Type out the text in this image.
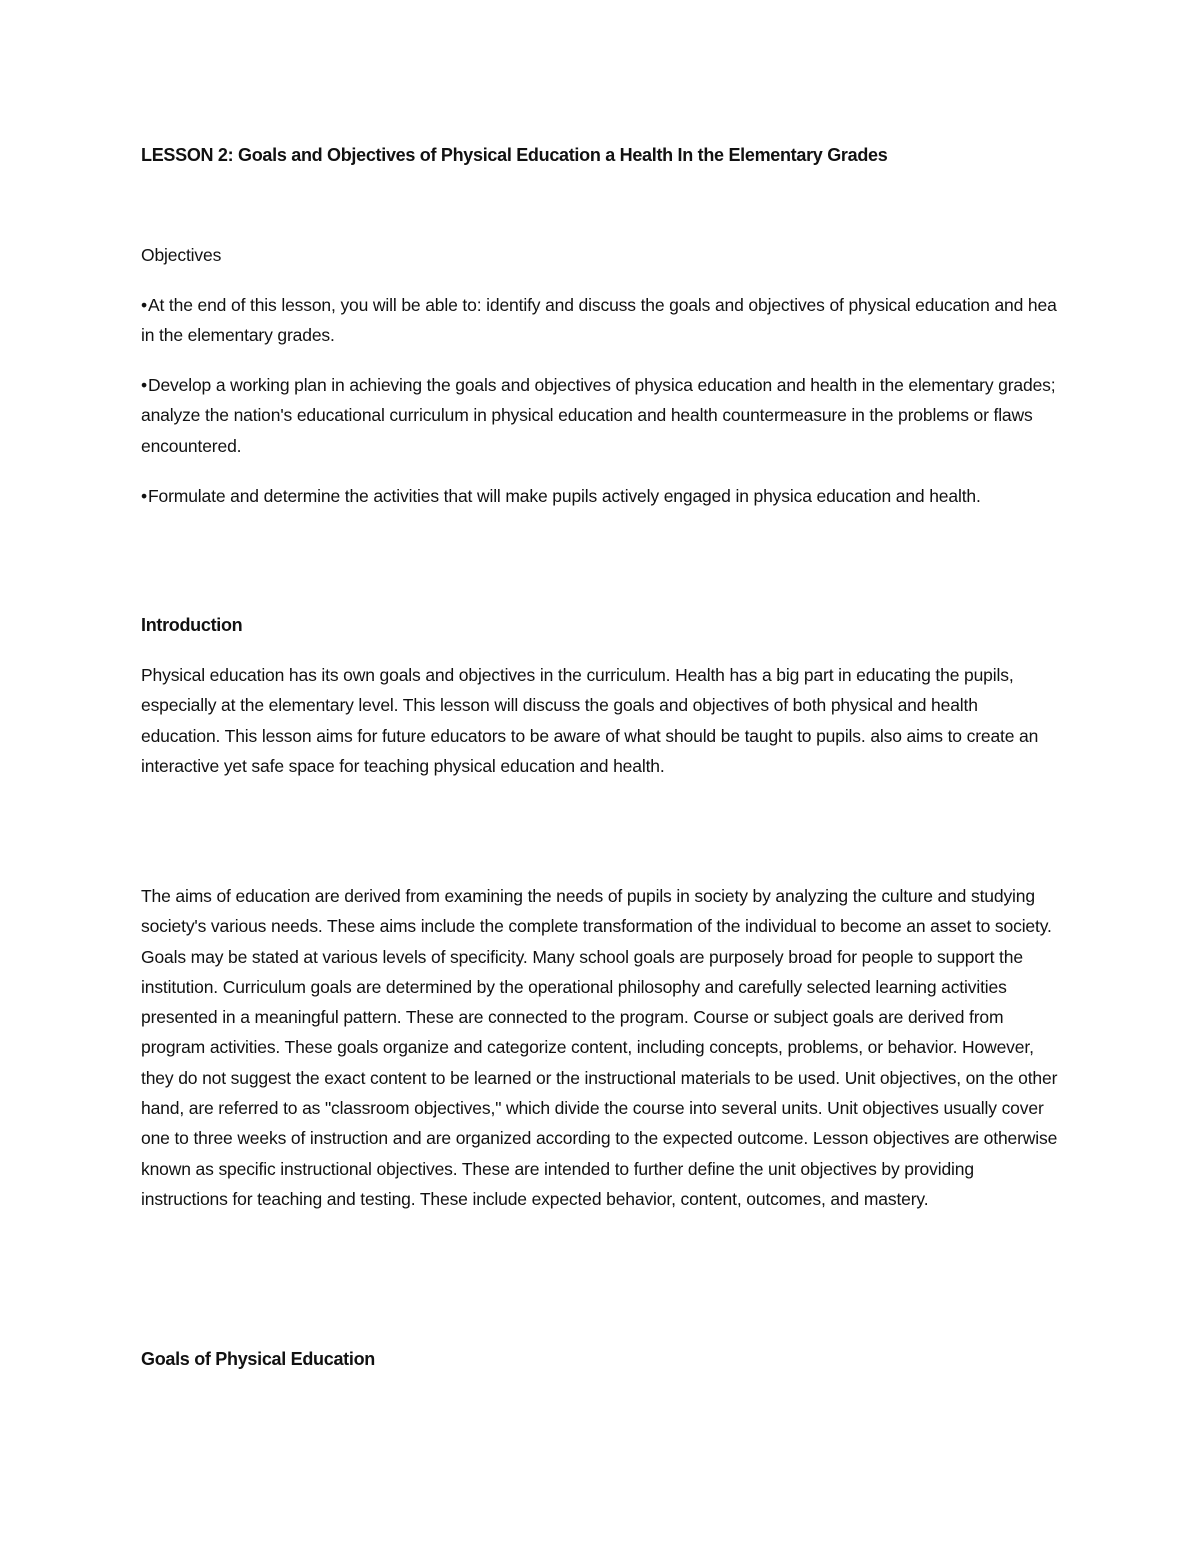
LESSON 2: Goals and Objectives of Physical Education a Health In the Elementary Grades

Objectives

•At the end of this lesson, you will be able to: identify and discuss the goals and objectives of physical education and hea in the elementary grades.

•Develop a working plan in achieving the goals and objectives of physica education and health in the elementary grades; analyze the nation's educational curriculum in physical education and health countermeasure in the problems or flaws encountered.

•Formulate and determine the activities that will make pupils actively engaged in physica education and health.

Introduction

Physical education has its own goals and objectives in the curriculum. Health has a big part in educating the pupils, especially at the elementary level. This lesson will discuss the goals and objectives of both physical and health education. This lesson aims for future educators to be aware of what should be taught to pupils. also aims to create an interactive yet safe space for teaching physical education and health.

The aims of education are derived from examining the needs of pupils in society by analyzing the culture and studying society's various needs. These aims include the complete transformation of the individual to become an asset to society. Goals may be stated at various levels of specificity. Many school goals are purposely broad for people to support the institution. Curriculum goals are determined by the operational philosophy and carefully selected learning activities presented in a meaningful pattern. These are connected to the program. Course or subject goals are derived from program activities. These goals organize and categorize content, including concepts, problems, or behavior. However, they do not suggest the exact content to be learned or the instructional materials to be used. Unit objectives, on the other hand, are referred to as "classroom objectives," which divide the course into several units. Unit objectives usually cover one to three weeks of instruction and are organized according to the expected outcome. Lesson objectives are otherwise known as specific instructional objectives. These are intended to further define the unit objectives by providing instructions for teaching and testing. These include expected behavior, content, outcomes, and mastery.

Goals of Physical Education
